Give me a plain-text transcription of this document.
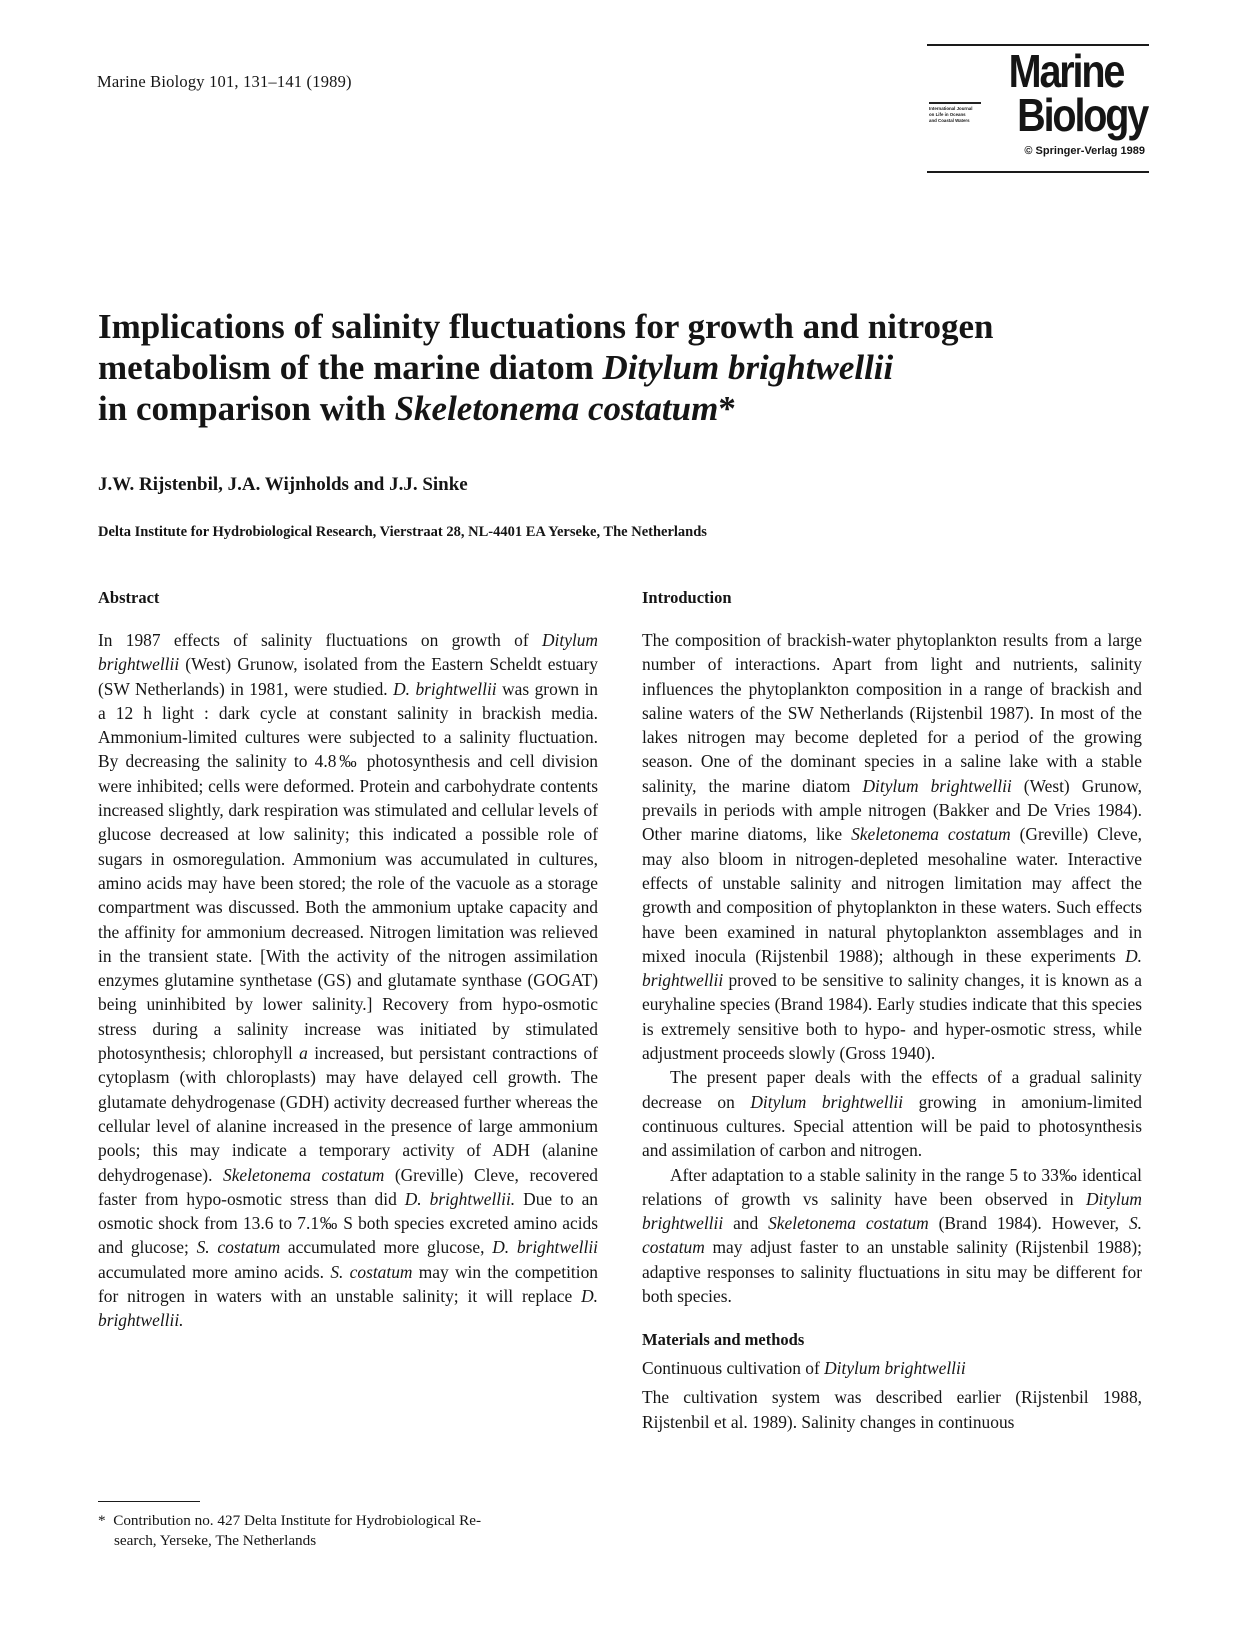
Marine Biology 101, 131–141 (1989)	Marine
International Journal
on Life in Oceans
and Coastal Waters Biology
© Springer-Verlag 1989
Implications of salinity fluctuations for growth and nitrogen
metabolism of the marine diatom Ditylum brightwellii
in comparison with Skeletonema costatum*
J.W. Rijstenbil, J.A. Wijnholds and J.J. Sinke
Delta Institute for Hydrobiological Research, Vierstraat 28, NL-4401 EA Yerseke, The Netherlands
Abstract

In 1987 effects of salinity fluctuations on growth of Ditylum brightwellii (West) Grunow, isolated from the Eastern Scheldt estuary (SW Netherlands) in 1981, were studied. D. brightwellii was grown in a 12 h light : dark cycle at constant salinity in brackish media. Ammonium-limited cultures were subjected to a salinity fluctuation. By decreasing the salinity to 4.8‰ photosynthesis and cell division were inhibited; cells were deformed. Protein and carbohydrate contents increased slightly, dark respiration was stimulated and cellular levels of glucose decreased at low salinity; this indicated a possible role of sugars in osmoregulation. Ammonium was accumulated in cultures, amino acids may have been stored; the role of the vacuole as a storage compartment was discussed. Both the ammonium uptake capacity and the affinity for ammonium decreased. Nitrogen limitation was relieved in the transient state. [With the activity of the nitrogen assimilation enzymes glutamine synthetase (GS) and glutamate synthase (GOGAT) being uninhibited by lower salinity.] Recovery from hypo-osmotic stress during a salinity increase was initiated by stimulated photosynthesis; chlorophyll a increased, but persistant contractions of cytoplasm (with chloroplasts) may have delayed cell growth. The glutamate dehydrogenase (GDH) activity decreased further whereas the cellular level of alanine increased in the presence of large ammonium pools; this may indicate a temporary activity of ADH (alanine dehydrogenase). Skeletonema costatum (Greville) Cleve, recovered faster from hypo-osmotic stress than did D. brightwellii. Due to an osmotic shock from 13.6 to 7.1‰ S both species excreted amino acids and glucose; S. costatum accumulated more glucose, D. brightwellii accumulated more amino acids. S. costatum may win the competition for nitrogen in waters with an unstable salinity; it will replace D. brightwellii.

Introduction

The composition of brackish-water phytoplankton results from a large number of interactions. Apart from light and nutrients, salinity influences the phytoplankton composition in a range of brackish and saline waters of the SW Netherlands (Rijstenbil 1987). In most of the lakes nitrogen may become depleted for a period of the growing season. One of the dominant species in a saline lake with a stable salinity, the marine diatom Ditylum brightwellii (West) Grunow, prevails in periods with ample nitrogen (Bakker and De Vries 1984). Other marine diatoms, like Skeletonema costatum (Greville) Cleve, may also bloom in nitrogen-depleted mesohaline water. Interactive effects of unstable salinity and nitrogen limitation may affect the growth and composition of phytoplankton in these waters. Such effects have been examined in natural phytoplankton assemblages and in mixed inocula (Rijstenbil 1988); although in these experiments D. brightwellii proved to be sensitive to salinity changes, it is known as a euryhaline species (Brand 1984). Early studies indicate that this species is extremely sensitive both to hypo- and hyper-osmotic stress, while adjustment proceeds slowly (Gross 1940).

The present paper deals with the effects of a gradual salinity decrease on Ditylum brightwellii growing in amonium-limited continuous cultures. Special attention will be paid to photosynthesis and assimilation of carbon and nitrogen.

After adaptation to a stable salinity in the range 5 to 33‰ identical relations of growth vs salinity have been observed in Ditylum brightwellii and Skeletonema costatum (Brand 1984). However, S. costatum may adjust faster to an unstable salinity (Rijstenbil 1988); adaptive responses to salinity fluctuations in situ may be different for both species.

Materials and methods
Continuous cultivation of Ditylum brightwellii

The cultivation system was described earlier (Rijstenbil 1988, Rijstenbil et al. 1989). Salinity changes in continuous

* Contribution no. 427 Delta Institute for Hydrobiological Re-
search, Yerseke, The Netherlands
